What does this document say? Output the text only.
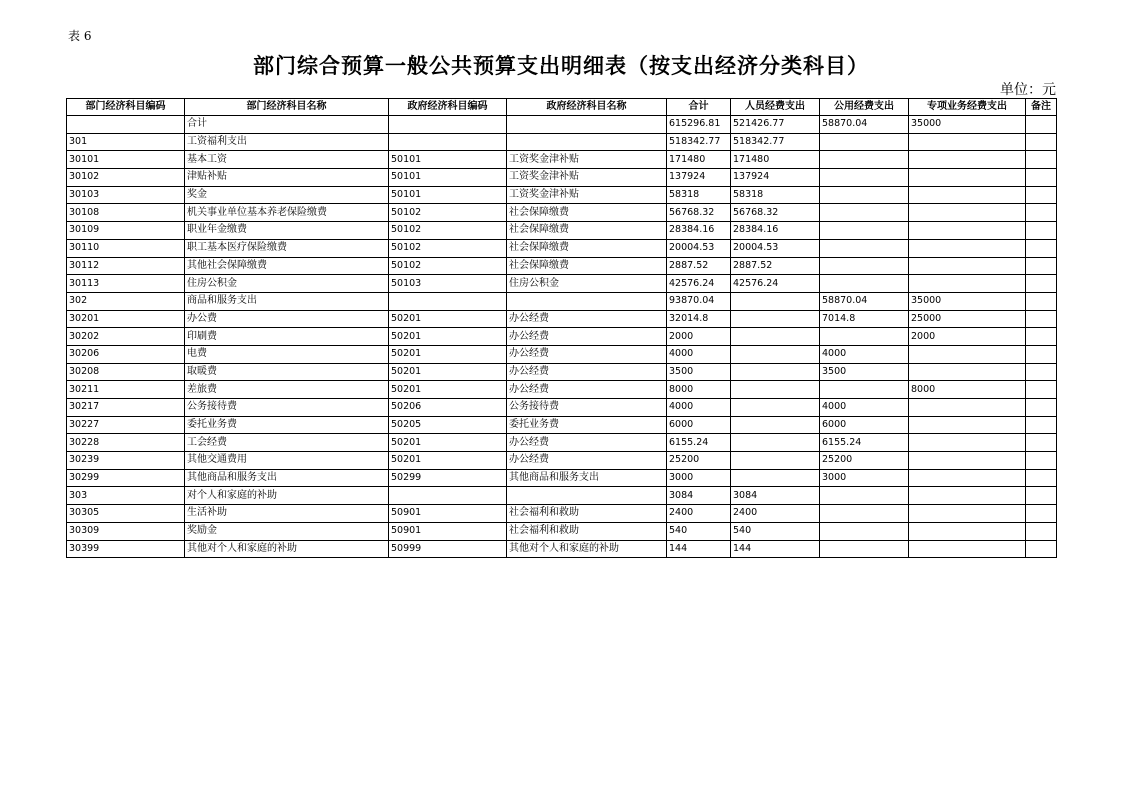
表 6
部门综合预算一般公共预算支出明细表（按支出经济分类科目）
单位：元
部门经济科目编码	部门经济科目名称	政府经济科目编码	政府经济科目名称	合计	人员经费支出	公用经费支出	专项业务经费支出	备注
	合计			615296.81	521426.77	58870.04	35000	
301	工资福利支出			518342.77	518342.77			
30101	基本工资	50101	工资奖金津补贴	171480	171480			
30102	津贴补贴	50101	工资奖金津补贴	137924	137924			
30103	奖金	50101	工资奖金津补贴	58318	58318			
30108	机关事业单位基本养老保险缴费	50102	社会保障缴费	56768.32	56768.32			
30109	职业年金缴费	50102	社会保障缴费	28384.16	28384.16			
30110	职工基本医疗保险缴费	50102	社会保障缴费	20004.53	20004.53			
30112	其他社会保障缴费	50102	社会保障缴费	2887.52	2887.52			
30113	住房公积金	50103	住房公积金	42576.24	42576.24			
302	商品和服务支出			93870.04		58870.04	35000	
30201	办公费	50201	办公经费	32014.8		7014.8	25000	
30202	印刷费	50201	办公经费	2000			2000	
30206	电费	50201	办公经费	4000		4000		
30208	取暖费	50201	办公经费	3500		3500		
30211	差旅费	50201	办公经费	8000			8000	
30217	公务接待费	50206	公务接待费	4000		4000		
30227	委托业务费	50205	委托业务费	6000		6000		
30228	工会经费	50201	办公经费	6155.24		6155.24		
30239	其他交通费用	50201	办公经费	25200		25200		
30299	其他商品和服务支出	50299	其他商品和服务支出	3000		3000		
303	对个人和家庭的补助			3084	3084			
30305	生活补助	50901	社会福利和救助	2400	2400			
30309	奖励金	50901	社会福利和救助	540	540			
30399	其他对个人和家庭的补助	50999	其他对个人和家庭的补助	144	144			
